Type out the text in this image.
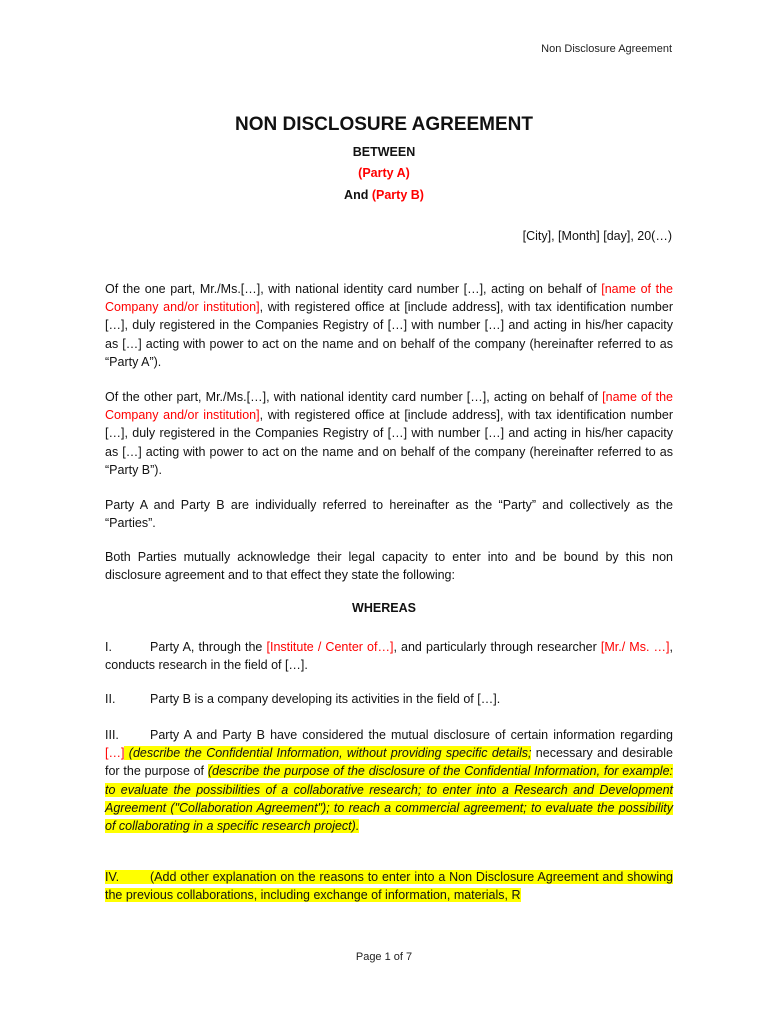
Non Disclosure Agreement
NON DISCLOSURE AGREEMENT
BETWEEN
(Party A)
And (Party B)
[City], [Month] [day], 20(…)
Of the one part, Mr./Ms.[…], with national identity card number […], acting on behalf of [name of the Company and/or institution], with registered office at [include address], with tax identification number […], duly registered in the Companies Registry of […] with number […] and acting in his/her capacity as […] acting with power to act on the name and on behalf of the company (hereinafter referred to as “Party A”).
Of the other part, Mr./Ms.[…], with national identity card number […], acting on behalf of [name of the Company and/or institution], with registered office at [include address], with tax identification number […], duly registered in the Companies Registry of […] with number […] and acting in his/her capacity as […] acting with power to act on the name and on behalf of the company (hereinafter referred to as “Party B”).
Party A and Party B are individually referred to hereinafter as the “Party” and collectively as the “Parties”.
Both Parties mutually acknowledge their legal capacity to enter into and be bound by this non disclosure agreement and to that effect they state the following:
WHEREAS
I.	Party A, through the [Institute / Center of…], and particularly through researcher [Mr./ Ms. …], conducts research in the field of […].
II.	Party B is a company developing its activities in the field of […].
III. Party A and Party B have considered the mutual disclosure of certain information regarding […] (describe the Confidential Information, without providing specific details; necessary and desirable for the purpose of (describe the purpose of the disclosure of the Confidential Information, for example: to evaluate the possibilities of a collaborative research; to enter into a Research and Development Agreement ("Collaboration Agreement"); to reach a commercial agreement; to evaluate the possibility of collaborating in a specific research project).
IV. (Add other explanation on the reasons to enter into a Non Disclosure Agreement and showing the previous collaborations, including exchange of information, materials, R
Page 1 of 7
